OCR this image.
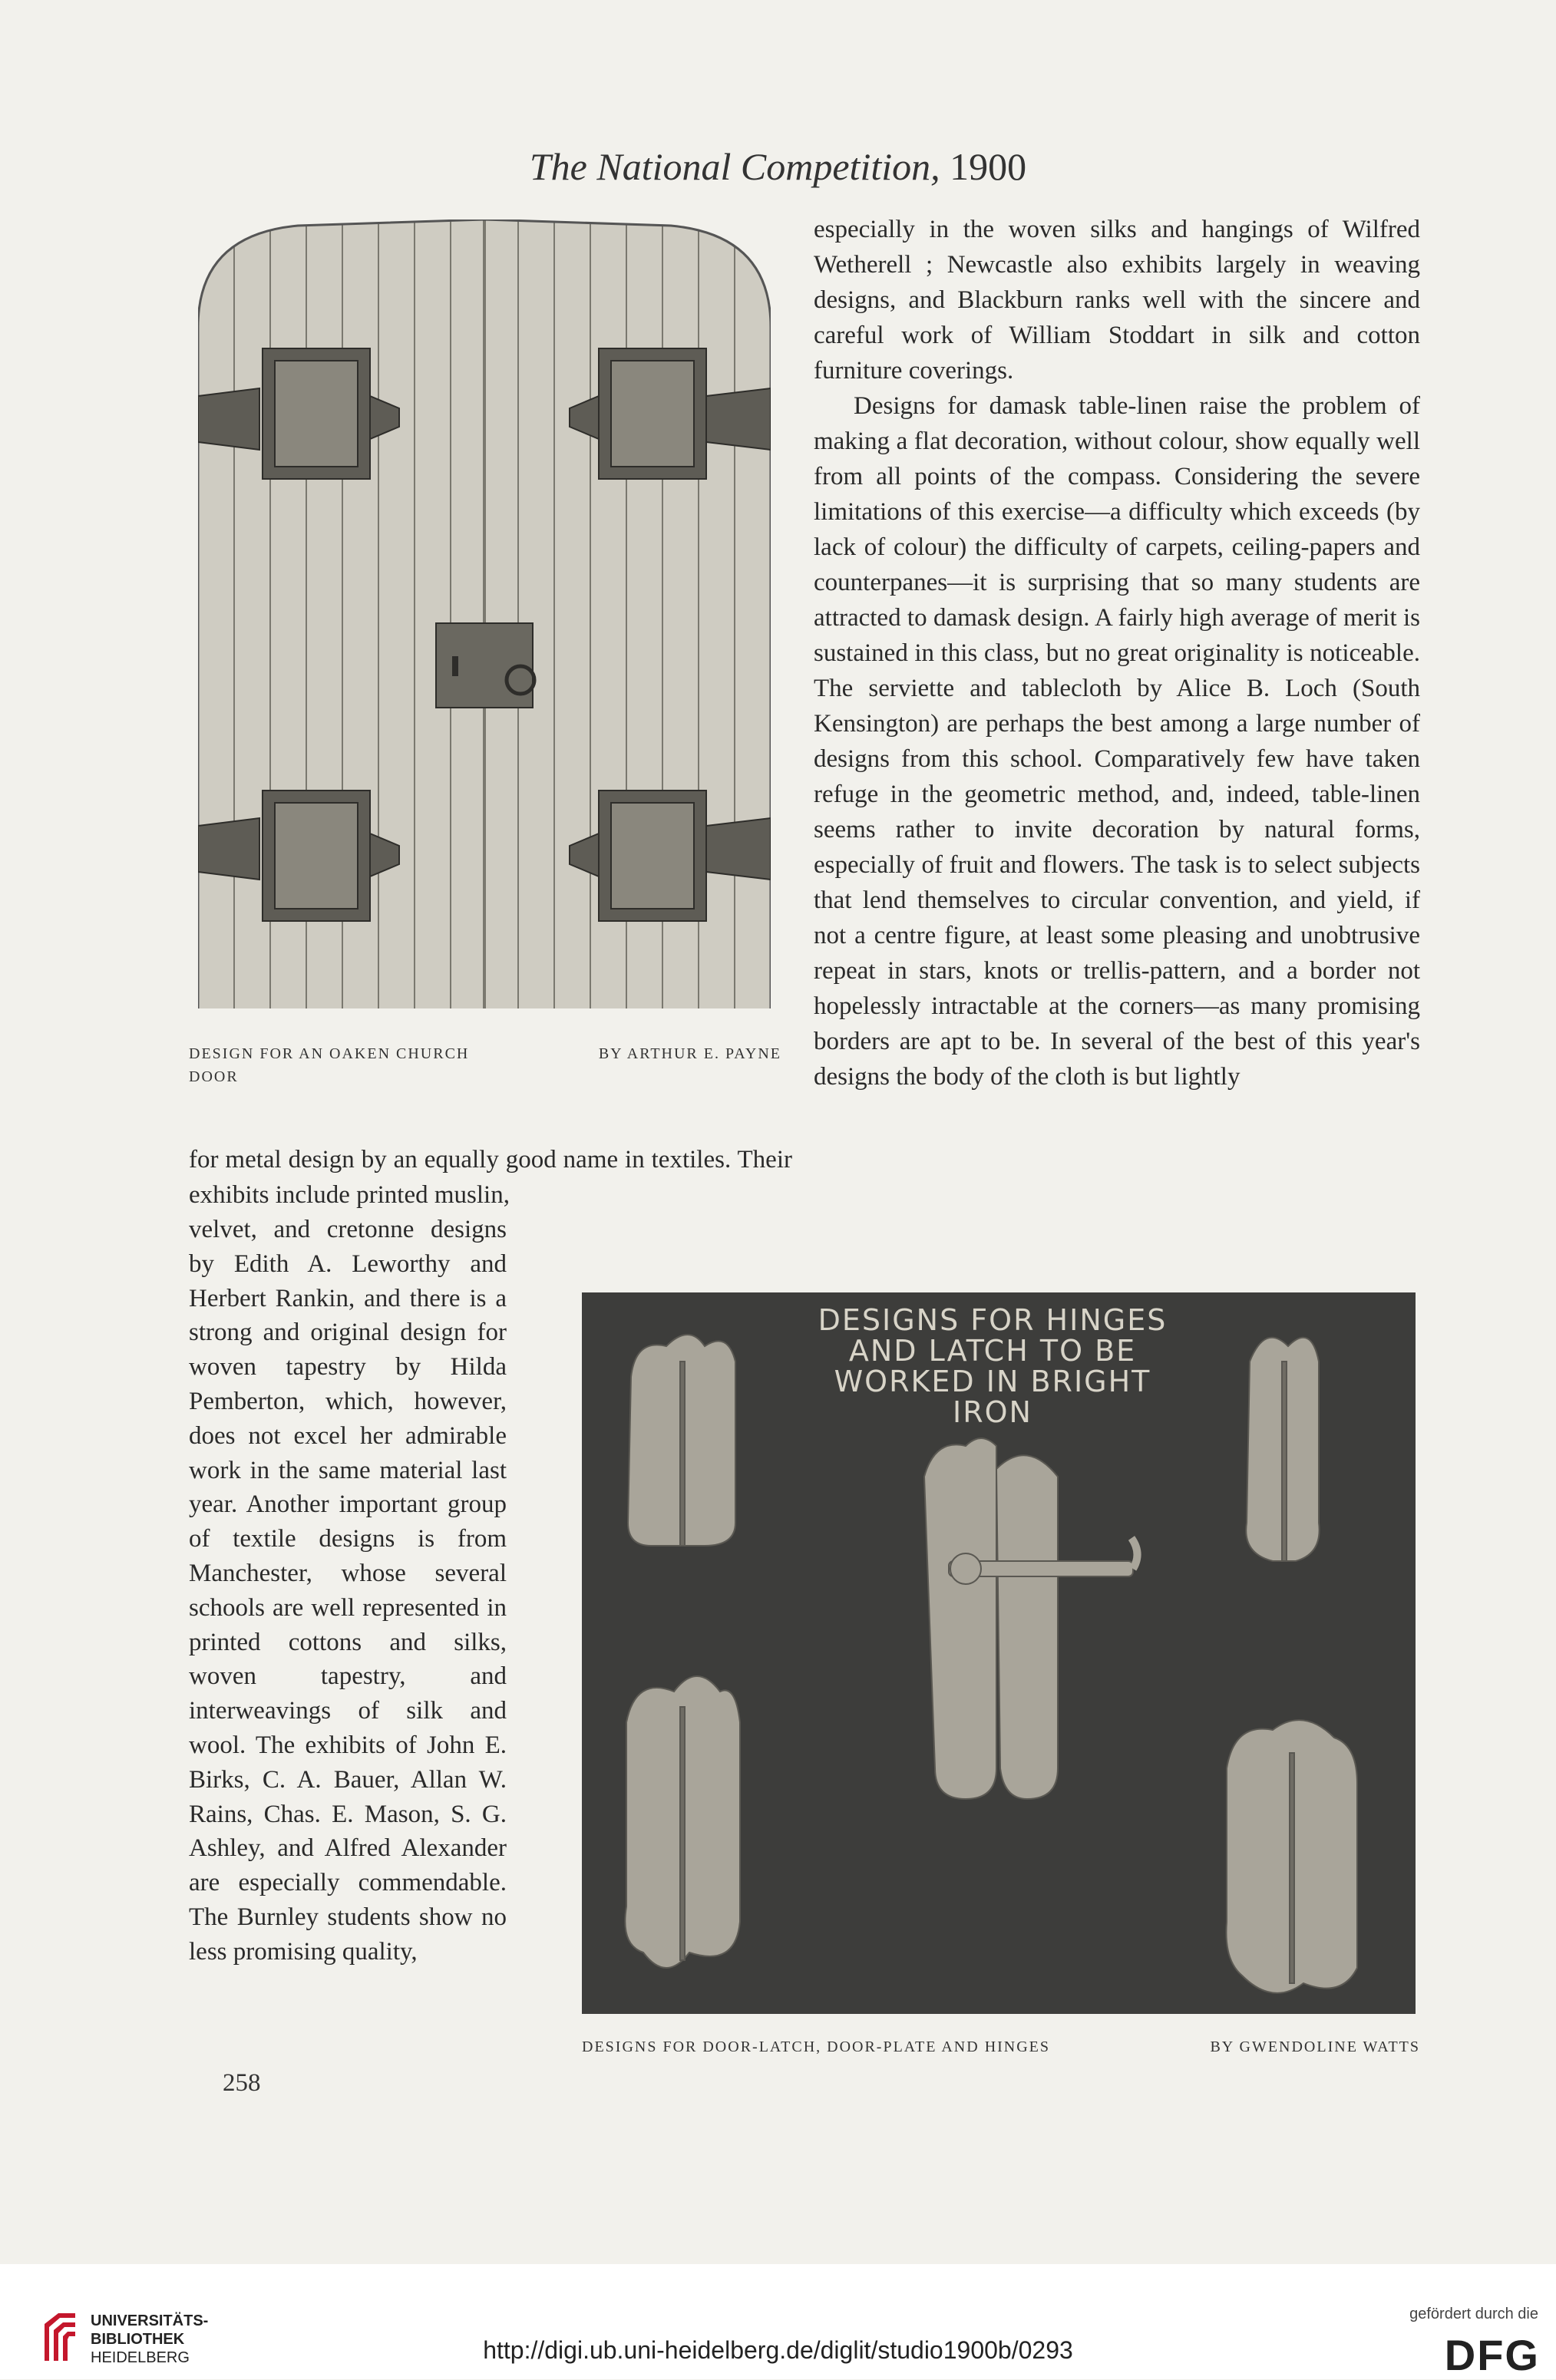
The National Competition, 1900
DESIGN FOR AN OAKEN CHURCH DOOR
BY ARTHUR E. PAYNE

especially in the woven silks and hangings of Wilfred Wetherell ; Newcastle also exhibits largely in weaving designs, and Blackburn ranks well with the sincere and careful work of William Stoddart in silk and cotton furniture coverings.

Designs for damask table-linen raise the problem of making a flat decoration, without colour, show equally well from all points of the compass. Considering the severe limitations of this exercise—a difficulty which exceeds (by lack of colour) the difficulty of carpets, ceiling-papers and counterpanes—it is surprising that so many students are attracted to damask design. A fairly high average of merit is sustained in this class, but no great originality is noticeable. The serviette and tablecloth by Alice B. Loch (South Kensington) are perhaps the best among a large number of designs from this school. Comparatively few have taken refuge in the geometric method, and, indeed, table-linen seems rather to invite decoration by natural forms, especially of fruit and flowers. The task is to select subjects that lend themselves to circular convention, and yield, if not a centre figure, at least some pleasing and unobtrusive repeat in stars, knots or trellis-pattern, and a border not hopelessly intractable at the corners—as many promising borders are apt to be. In several of the best of this year's designs the body of the cloth is but lightly

for metal design by an equally good name in textiles. Their exhibits include printed muslin,
velvet, and cretonne designs by Edith A. Leworthy and Herbert Rankin, and there is a strong and original design for woven tapestry by Hilda Pemberton, which, however, does not excel her admirable work in the same material last year. Another important group of textile designs is from Manchester, whose several schools are well represented in printed cottons and silks, woven tapestry, and interweavings of silk and wool. The exhibits of John E. Birks, C. A. Bauer, Allan W. Rains, Chas. E. Mason, S. G. Ashley, and Alfred Alexander are especially commendable. The Burnley students show no less promising quality,
DESIGNS FOR HINGES AND LATCH TO BE WORKED IN BRIGHT IRON
DESIGNS FOR DOOR-LATCH, DOOR-PLATE AND HINGES	BY GWENDOLINE WATTS
258
UNIVERSITÄTS-
BIBLIOTHEK
HEIDELBERG	http://digi.ub.uni-heidelberg.de/diglit/studio1900b/0293
gefördert durch die
DFG
